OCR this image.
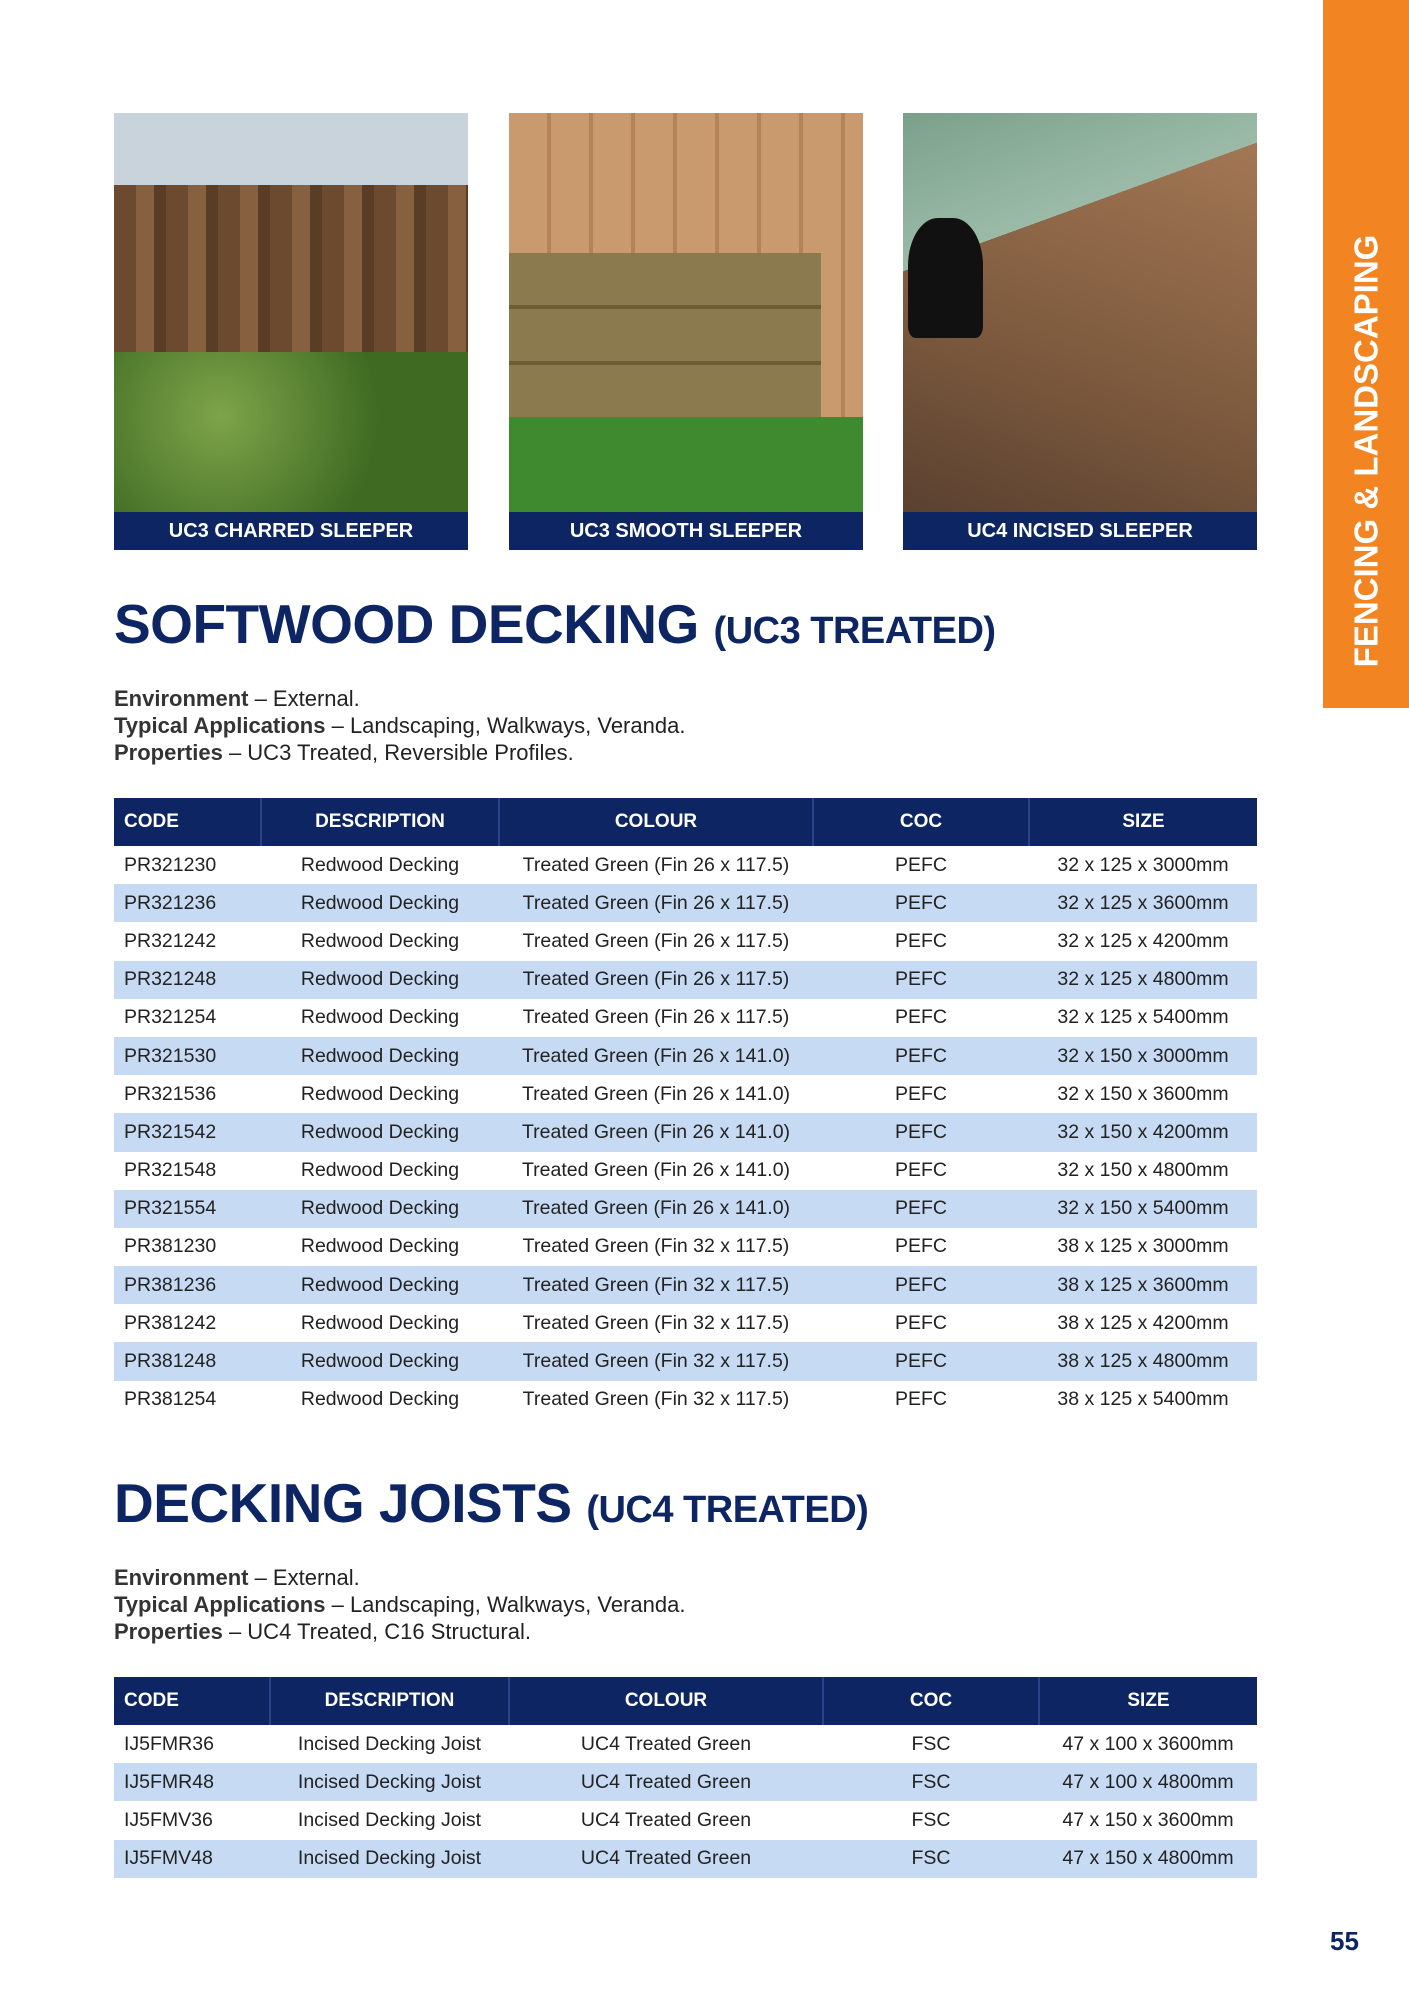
FENCING & LANDSCAPING
UC3 CHARRED SLEEPER	UC3 SMOOTH SLEEPER	UC4 INCISED SLEEPER
SOFTWOOD DECKING (UC3 TREATED)
Environment – External.
Typical Applications – Landscaping, Walkways, Veranda.
Properties – UC3 Treated, Reversible Profiles.
CODE	DESCRIPTION	COLOUR	COC	SIZE
PR321230	Redwood Decking	Treated Green (Fin 26 x 117.5)	PEFC	32 x 125 x 3000mm
PR321236	Redwood Decking	Treated Green (Fin 26 x 117.5)	PEFC	32 x 125 x 3600mm
PR321242	Redwood Decking	Treated Green (Fin 26 x 117.5)	PEFC	32 x 125 x 4200mm
PR321248	Redwood Decking	Treated Green (Fin 26 x 117.5)	PEFC	32 x 125 x 4800mm
PR321254	Redwood Decking	Treated Green (Fin 26 x 117.5)	PEFC	32 x 125 x 5400mm
PR321530	Redwood Decking	Treated Green (Fin 26 x 141.0)	PEFC	32 x 150 x 3000mm
PR321536	Redwood Decking	Treated Green (Fin 26 x 141.0)	PEFC	32 x 150 x 3600mm
PR321542	Redwood Decking	Treated Green (Fin 26 x 141.0)	PEFC	32 x 150 x 4200mm
PR321548	Redwood Decking	Treated Green (Fin 26 x 141.0)	PEFC	32 x 150 x 4800mm
PR321554	Redwood Decking	Treated Green (Fin 26 x 141.0)	PEFC	32 x 150 x 5400mm
PR381230	Redwood Decking	Treated Green (Fin 32 x 117.5)	PEFC	38 x 125 x 3000mm
PR381236	Redwood Decking	Treated Green (Fin 32 x 117.5)	PEFC	38 x 125 x 3600mm
PR381242	Redwood Decking	Treated Green (Fin 32 x 117.5)	PEFC	38 x 125 x 4200mm
PR381248	Redwood Decking	Treated Green (Fin 32 x 117.5)	PEFC	38 x 125 x 4800mm
PR381254	Redwood Decking	Treated Green (Fin 32 x 117.5)	PEFC	38 x 125 x 5400mm
DECKING JOISTS (UC4 TREATED)
Environment – External.
Typical Applications – Landscaping, Walkways, Veranda.
Properties – UC4 Treated, C16 Structural.
CODE	DESCRIPTION	COLOUR	COC	SIZE
IJ5FMR36	Incised Decking Joist	UC4 Treated Green	FSC	47 x 100 x 3600mm
IJ5FMR48	Incised Decking Joist	UC4 Treated Green	FSC	47 x 100 x 4800mm
IJ5FMV36	Incised Decking Joist	UC4 Treated Green	FSC	47 x 150 x 3600mm
IJ5FMV48	Incised Decking Joist	UC4 Treated Green	FSC	47 x 150 x 4800mm
55
